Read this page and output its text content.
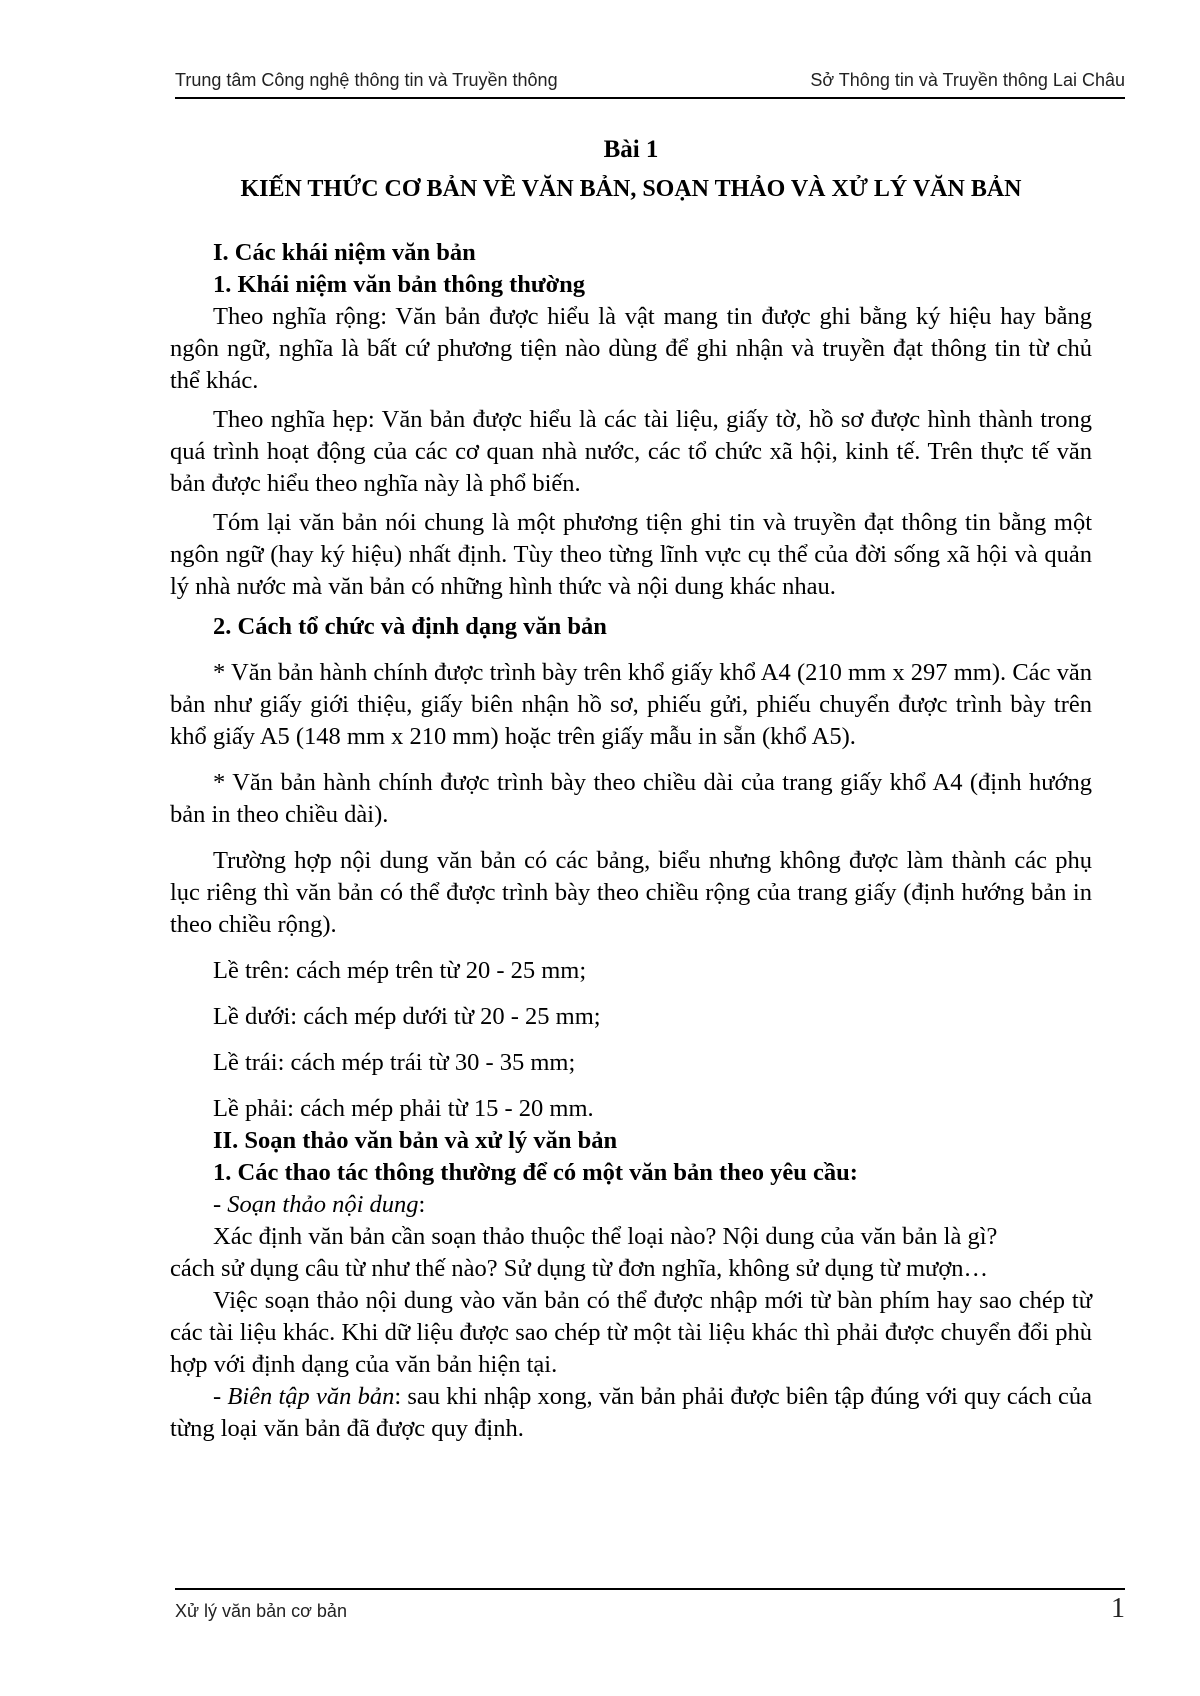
Trung tâm Công nghệ thông tin và Truyền thông	Sở Thông tin và Truyền thông Lai Châu
Bài 1
KIẾN THỨC CƠ BẢN VỀ VĂN BẢN, SOẠN THẢO VÀ XỬ LÝ VĂN BẢN
I. Các khái niệm văn bản
1. Khái niệm văn bản thông thường

Theo nghĩa rộng: Văn bản được hiểu là vật mang tin được ghi bằng ký hiệu hay bằng ngôn ngữ, nghĩa là bất cứ phương tiện nào dùng để ghi nhận và truyền đạt thông tin từ chủ thể khác.

Theo nghĩa hẹp: Văn bản được hiểu là các tài liệu, giấy tờ, hồ sơ được hình thành trong quá trình hoạt động của các cơ quan nhà nước, các tổ chức xã hội, kinh tế. Trên thực tế văn bản được hiểu theo nghĩa này là phổ biến.

Tóm lại văn bản nói chung là một phương tiện ghi tin và truyền đạt thông tin bằng một ngôn ngữ (hay ký hiệu) nhất định. Tùy theo từng lĩnh vực cụ thể của đời sống xã hội và quản lý nhà nước mà văn bản có những hình thức và nội dung khác nhau.

2. Cách tổ chức và định dạng văn bản

* Văn bản hành chính được trình bày trên khổ giấy khổ A4 (210 mm x 297 mm). Các văn bản như giấy giới thiệu, giấy biên nhận hồ sơ, phiếu gửi, phiếu chuyển được trình bày trên khổ giấy A5 (148 mm x 210 mm) hoặc trên giấy mẫu in sẵn (khổ A5).

* Văn bản hành chính được trình bày theo chiều dài của trang giấy khổ A4 (định hướng bản in theo chiều dài).

Trường hợp nội dung văn bản có các bảng, biểu nhưng không được làm thành các phụ lục riêng thì văn bản có thể được trình bày theo chiều rộng của trang giấy (định hướng bản in theo chiều rộng).

Lề trên: cách mép trên từ 20 - 25 mm;

Lề dưới: cách mép dưới từ 20 - 25 mm;

Lề trái: cách mép trái từ 30 - 35 mm;

Lề phải: cách mép phải từ 15 - 20 mm.

II. Soạn thảo văn bản và xử lý văn bản
1. Các thao tác thông thường để có một văn bản theo yêu cầu:

- Soạn thảo nội dung:

Xác định văn bản cần soạn thảo thuộc thể loại nào? Nội dung của văn bản là gì?

cách sử dụng câu từ như thế nào? Sử dụng từ đơn nghĩa, không sử dụng từ mượn…

Việc soạn thảo nội dung vào văn bản có thể được nhập mới từ bàn phím hay sao chép từ các tài liệu khác. Khi dữ liệu được sao chép từ một tài liệu khác thì phải được chuyển đổi phù hợp với định dạng của văn bản hiện tại.

- Biên tập văn bản: sau khi nhập xong, văn bản phải được biên tập đúng với quy cách của từng loại văn bản đã được quy định.

Xử lý văn bản cơ bản	1
